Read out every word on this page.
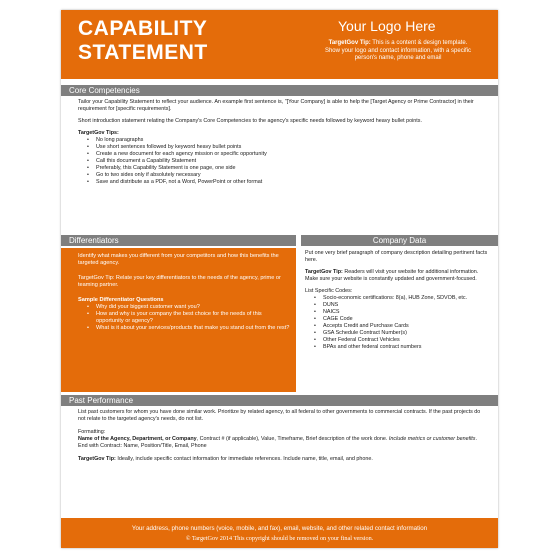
CAPABILITY
STATEMENT
Your Logo Here
TargetGov Tip: This is a content & design template. Show your logo and contact information, with a specific person's name, phone and email
Core Competencies

Tailor your Capability Statement to reflect your audience. An example first sentence is, "[Your Company] is able to help the [Target Agency or Prime Contractor] in their requirement for [specific requirements].

Short introduction statement relating the Company's Core Competencies to the agency's specific needs followed by keyword heavy bullet points.

TargetGov Tips:
• No long paragraphs
• Use short sentences followed by keyword heavy bullet points
• Create a new document for each agency mission or specific opportunity
• Call this document a Capability Statement
• Preferably, this Capability Statement is one page, one side
• Go to two sides only if absolutely necessary
• Save and distribute as a PDF, not a Word, PowerPoint or other format
Differentiators

Identify what makes you different from your competitors and how this benefits the targeted agency.

TargetGov Tip: Relate your key differentiators to the needs of the agency, prime or teaming partner.

Sample Differentiator Questions
• Why did your biggest customer want you?
• How and why is your company the best choice for the needs of this opportunity or agency?
• What is it about your services/products that make you stand out from the rest?
Company Data

Put one very brief paragraph of company description detailing pertinent facts here.

TargetGov Tip: Readers will visit your website for additional information. Make sure your website is constantly updated and government-focused.

List Specific Codes:
• Socio-economic certifications: 8(a), HUB Zone, SDVOB, etc.
• DUNS
• NAICS
• CAGE Code
• Accepts Credit and Purchase Cards
• GSA Schedule Contract Number(s)
• Other Federal Contract Vehicles
• BPAs and other federal contract numbers
Past Performance

List past customers for whom you have done similar work. Prioritize by related agency, to all federal to other governments to commercial contracts. If the past projects do not relate to the targeted agency's needs, do not list.

Formatting:

Name of the Agency, Department, or Company, Contract # (if applicable), Value, Timeframe, Brief description of the work done. Include metrics or customer benefits. End with Contract: Name, Position/Title, Email, Phone

TargetGov Tip: Ideally, include specific contact information for immediate references. Include name, title, email, and phone.

Your address, phone numbers (voice, mobile, and fax), email, website, and other related contact information
© TargetGov 2014 This copyright should be removed on your final version.
